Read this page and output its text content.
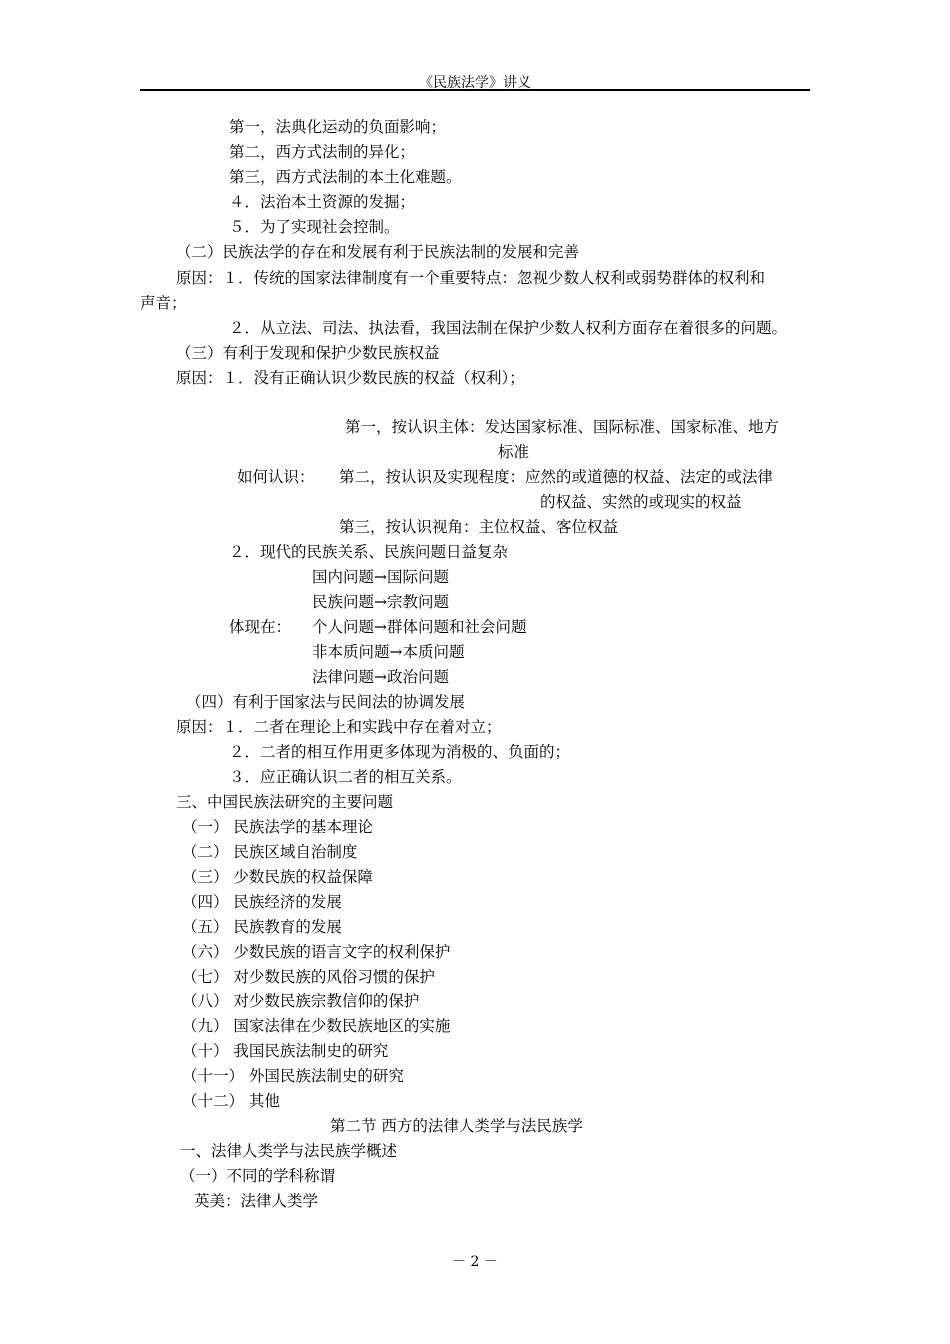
《民族法学》讲义
第一，法典化运动的负面影响；
第二，西方式法制的异化；
第三，西方式法制的本土化难题。
４．法治本土资源的发掘；
５．为了实现社会控制。
（二）民族法学的存在和发展有利于民族法制的发展和完善
原因：１．传统的国家法律制度有一个重要特点：忽视少数人权利或弱势群体的权利和
声音；
２．从立法、司法、执法看，我国法制在保护少数人权利方面存在着很多的问题。
（三）有利于发现和保护少数民族权益
原因：１．没有正确认识少数民族的权益（权利）；
第一，按认识主体：发达国家标准、国际标准、国家标准、地方
标准
如何认识： 第二，按认识及实现程度：应然的或道德的权益、法定的或法律
的权益、实然的或现实的权益
第三，按认识视角：主位权益、客位权益
２．现代的民族关系、民族问题日益复杂
国内问题→国际问题
民族问题→宗教问题
体现在： 个人问题→群体问题和社会问题
非本质问题→本质问题
法律问题→政治问题
（四）有利于国家法与民间法的协调发展
原因：１．二者在理论上和实践中存在着对立；
２．二者的相互作用更多体现为消极的、负面的；
３．应正确认识二者的相互关系。
三、中国民族法研究的主要问题
（一） 民族法学的基本理论
（二） 民族区域自治制度
（三） 少数民族的权益保障
（四） 民族经济的发展
（五） 民族教育的发展
（六） 少数民族的语言文字的权利保护
（七） 对少数民族的风俗习惯的保护
（八） 对少数民族宗教信仰的保护
（九） 国家法律在少数民族地区的实施
（十） 我国民族法制史的研究
（十一） 外国民族法制史的研究
（十二） 其他
第二节 西方的法律人类学与法民族学
一、法律人类学与法民族学概述
（一）不同的学科称谓
英美：法律人类学
－ 2 －
